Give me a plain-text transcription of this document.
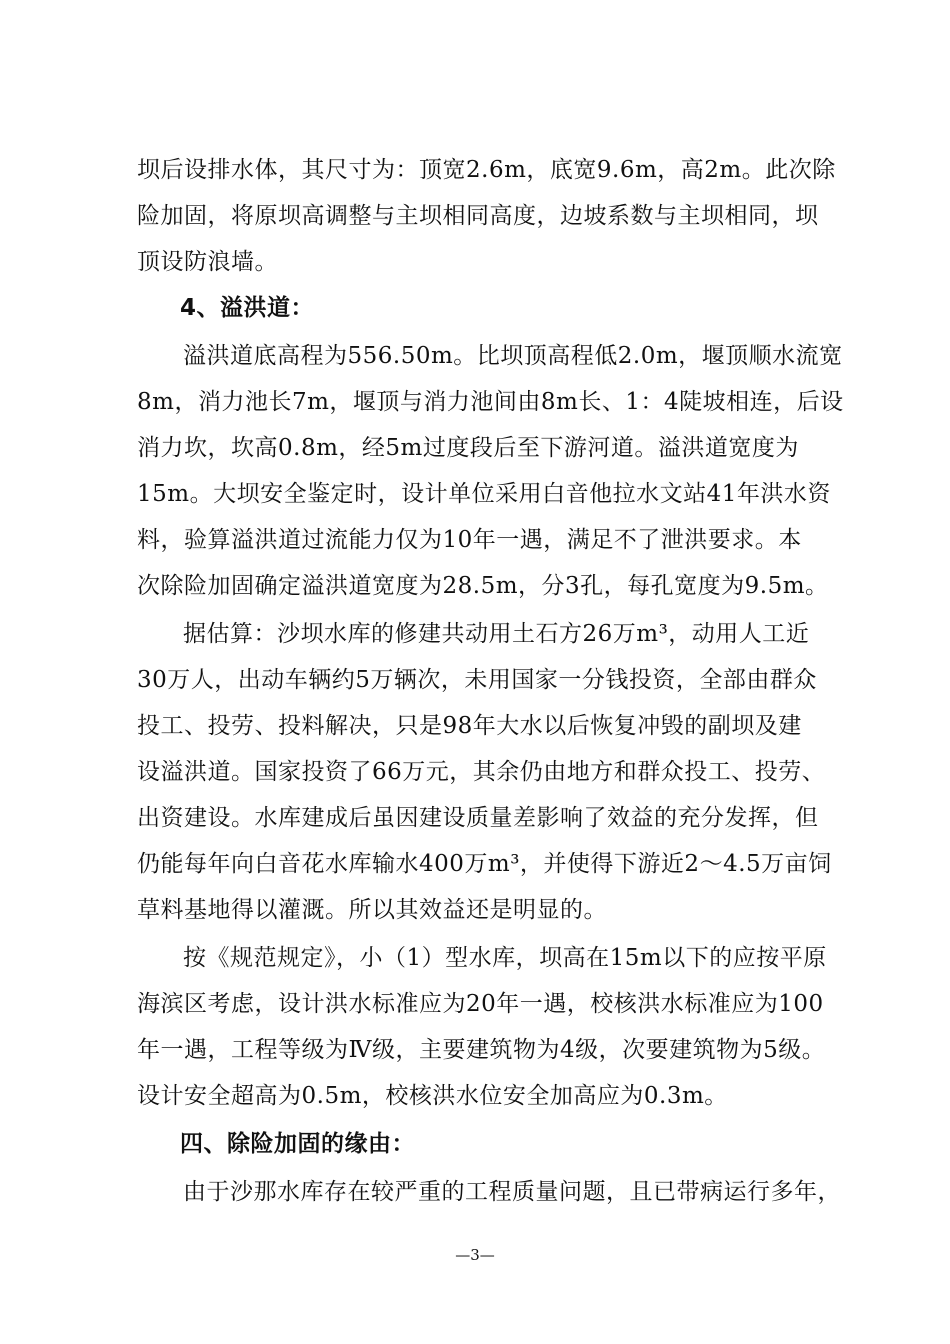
坝后设排水体，其尺寸为：顶宽2.6m，底宽9.6m，高2m。此次除
险加固，将原坝高调整与主坝相同高度，边坡系数与主坝相同，坝
顶设防浪墙。
4、溢洪道：
溢洪道底高程为556.50m。比坝顶高程低2.0m，堰顶顺水流宽
8m，消力池长7m，堰顶与消力池间由8m长、1：4陡坡相连，后设
消力坎，坎高0.8m，经5m过度段后至下游河道。溢洪道宽度为
15m。大坝安全鉴定时，设计单位采用白音他拉水文站41年洪水资
料，验算溢洪道过流能力仅为10年一遇，满足不了泄洪要求。本
次除险加固确定溢洪道宽度为28.5m，分3孔，每孔宽度为9.5m。
据估算：沙坝水库的修建共动用土石方26万m³，动用人工近
30万人，出动车辆约5万辆次，未用国家一分钱投资，全部由群众
投工、投劳、投料解决，只是98年大水以后恢复冲毁的副坝及建
设溢洪道。国家投资了66万元，其余仍由地方和群众投工、投劳、
出资建设。水库建成后虽因建设质量差影响了效益的充分发挥，但
仍能每年向白音花水库输水400万m³，并使得下游近2～4.5万亩饲
草料基地得以灌溉。所以其效益还是明显的。
按《规范规定》，小（1）型水库，坝高在15m以下的应按平原
海滨区考虑，设计洪水标准应为20年一遇，校核洪水标准应为100
年一遇，工程等级为Ⅳ级，主要建筑物为4级，次要建筑物为5级。
设计安全超高为0.5m，校核洪水位安全加高应为0.3m。
四、除险加固的缘由：
由于沙那水库存在较严重的工程质量问题，且已带病运行多年，
—3—
